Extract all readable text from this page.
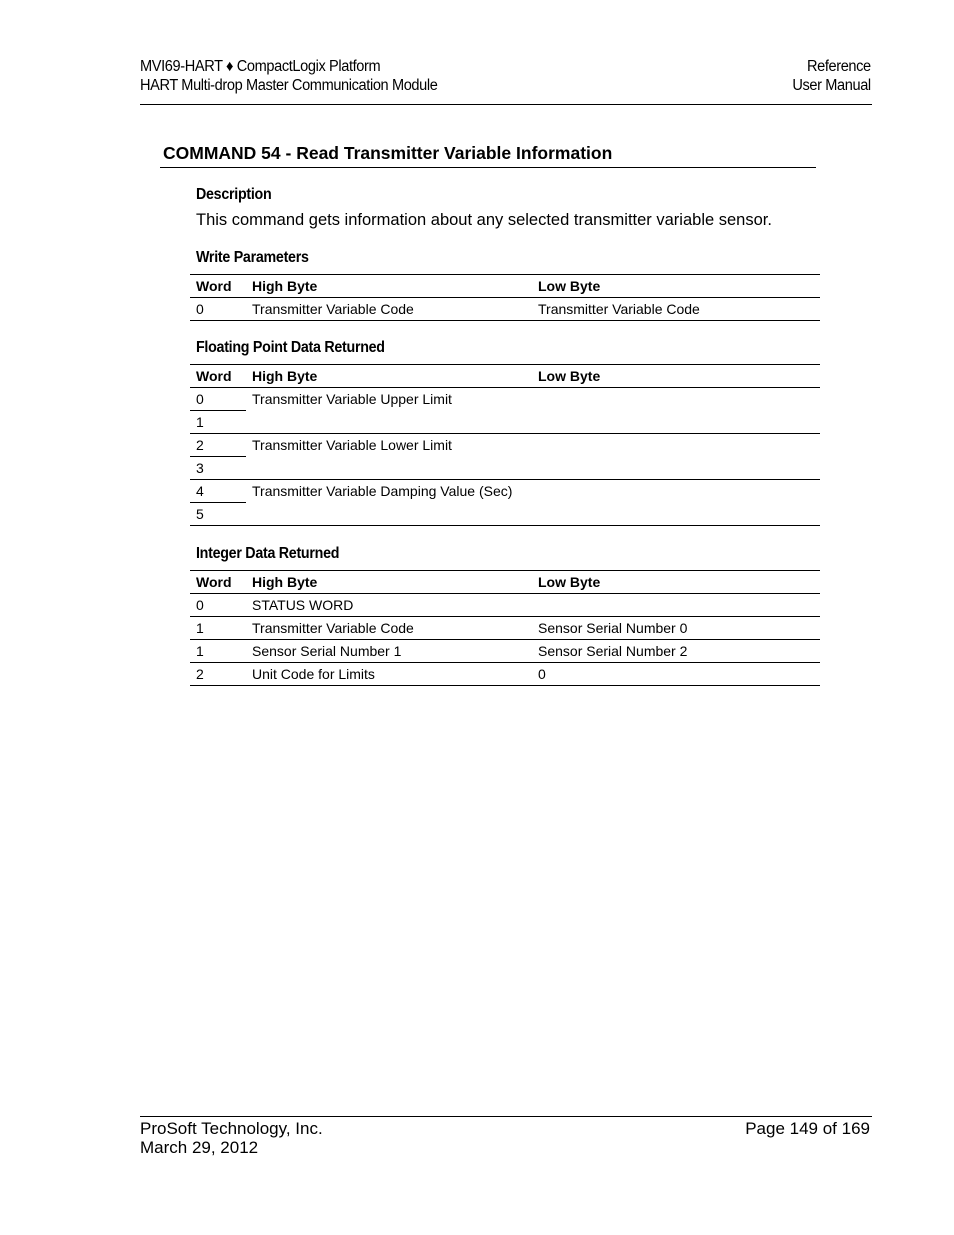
MVI69-HART ♦ CompactLogix Platform	Reference
HART Multi-drop Master Communication Module	User Manual
COMMAND 54 - Read Transmitter Variable Information
Description
This command gets information about any selected transmitter variable sensor.
Write Parameters
Word	High Byte	Low Byte
0	Transmitter Variable Code	Transmitter Variable Code
Floating Point Data Returned
Word	High Byte	Low Byte
0	Transmitter Variable Upper Limit	
1		
2	Transmitter Variable Lower Limit	
3		
4	Transmitter Variable Damping Value (Sec)	
5		
Integer Data Returned
Word	High Byte	Low Byte
0	STATUS WORD	
1	Transmitter Variable Code	Sensor Serial Number 0
1	Sensor Serial Number 1	Sensor Serial Number 2
2	Unit Code for Limits	0
ProSoft Technology, Inc.	Page 149 of 169
March 29, 2012
